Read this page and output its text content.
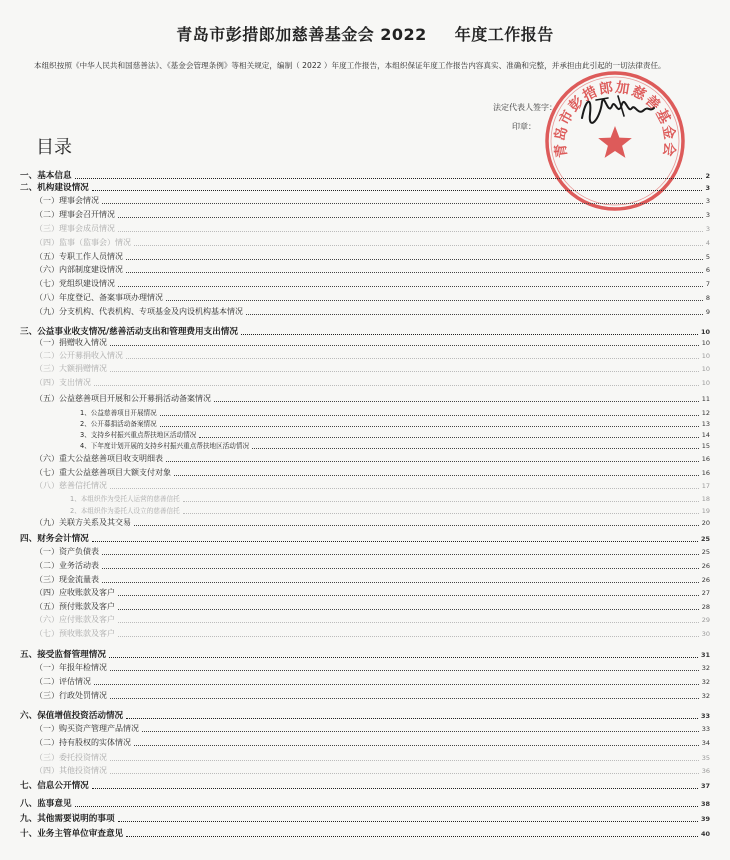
青岛市彭措郎加慈善基金会 2022 年度工作报告
本组织按照《中华人民共和国慈善法》、《基金会管理条例》等相关规定，编制（ 2022 ）年度工作报告，本组织保证年度工作报告内容真实、准确和完整，并承担由此引起的一切法律责任。
法定代表人签字：
印章：
青岛市彭措郎加慈善基金会
目录
一、基本信息	2
二、机构建设情况	3
（一）理事会情况	3
（二）理事会召开情况	3
（三）理事会成员情况	3
（四）监事（监事会）情况	4
（五）专职工作人员情况	5
（六）内部制度建设情况	6
（七）党组织建设情况	7
（八）年度登记、备案事项办理情况	8
（九）分支机构、代表机构、专项基金及内设机构基本情况	9
三、公益事业收支情况/慈善活动支出和管理费用支出情况	10
（一）捐赠收入情况	10
（二）公开募捐收入情况	10
（三）大额捐赠情况	10
（四）支出情况	10
（五）公益慈善项目开展和公开募捐活动备案情况	11
1、公益慈善项目开展情况	12
2、公开募捐活动备案情况	13
3、支持乡村振兴重点帮扶地区活动情况	14
4、下年度计划开展的支持乡村振兴重点帮扶地区活动情况	15
（六）重大公益慈善项目收支明细表	16
（七）重大公益慈善项目大额支付对象	16
（八）慈善信托情况	17
1、本组织作为受托人运营的慈善信托	18
2、本组织作为委托人设立的慈善信托	19
（九）关联方关系及其交易	20
四、财务会计情况	25
（一）资产负债表	25
（二）业务活动表	26
（三）现金流量表	26
（四）应收账款及客户	27
（五）预付账款及客户	28
（六）应付账款及客户	29
（七）预收账款及客户	30
五、接受监督管理情况	31
（一）年报年检情况	32
（二）评估情况	32
（三）行政处罚情况	32
六、保值增值投资活动情况	33
（一）购买资产管理产品情况	33
（二）持有股权的实体情况	34
（三）委托投资情况	35
（四）其他投资情况	36
七、信息公开情况	37
八、监事意见	38
九、其他需要说明的事项	39
十、业务主管单位审查意见	40
